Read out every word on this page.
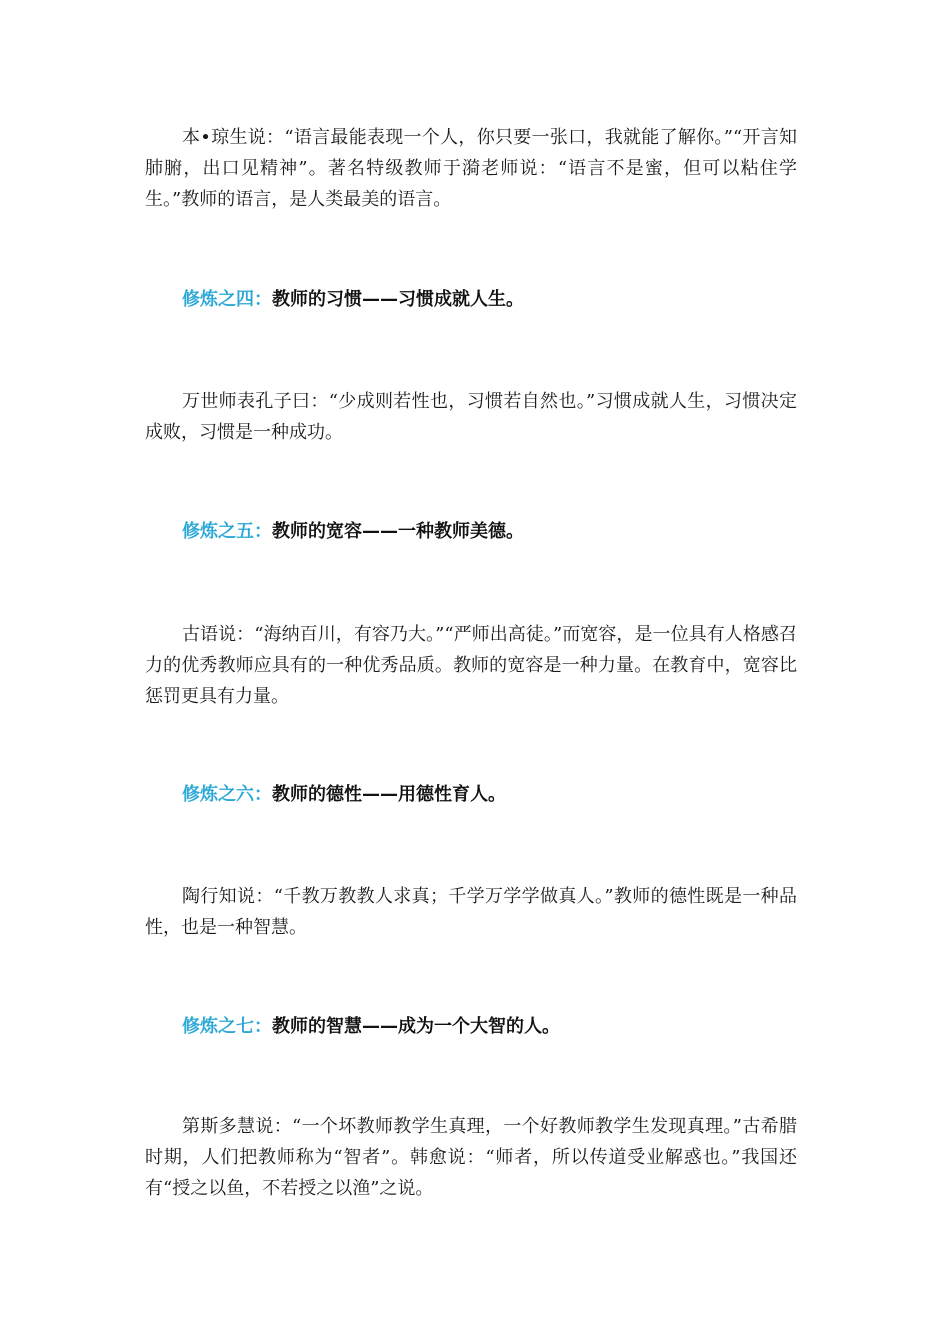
本•琼生说：“语言最能表现一个人，你只要一张口，我就能了解你。”“开言知肺腑，出口见精神”。著名特级教师于漪老师说：“语言不是蜜，但可以粘住学生。”教师的语言，是人类最美的语言。

修炼之四：教师的习惯——习惯成就人生。

万世师表孔子曰：“少成则若性也，习惯若自然也。”习惯成就人生，习惯决定成败，习惯是一种成功。

修炼之五：教师的宽容——一种教师美德。

古语说：“海纳百川，有容乃大。”“严师出高徒。”而宽容，是一位具有人格感召力的优秀教师应具有的一种优秀品质。教师的宽容是一种力量。在教育中，宽容比惩罚更具有力量。

修炼之六：教师的德性——用德性育人。

陶行知说：“千教万教教人求真；千学万学学做真人。”教师的德性既是一种品性，也是一种智慧。

修炼之七：教师的智慧——成为一个大智的人。

第斯多慧说：“一个坏教师教学生真理，一个好教师教学生发现真理。”古希腊时期，人们把教师称为“智者”。韩愈说：“师者，所以传道受业解惑也。”我国还有“授之以鱼，不若授之以渔”之说。
